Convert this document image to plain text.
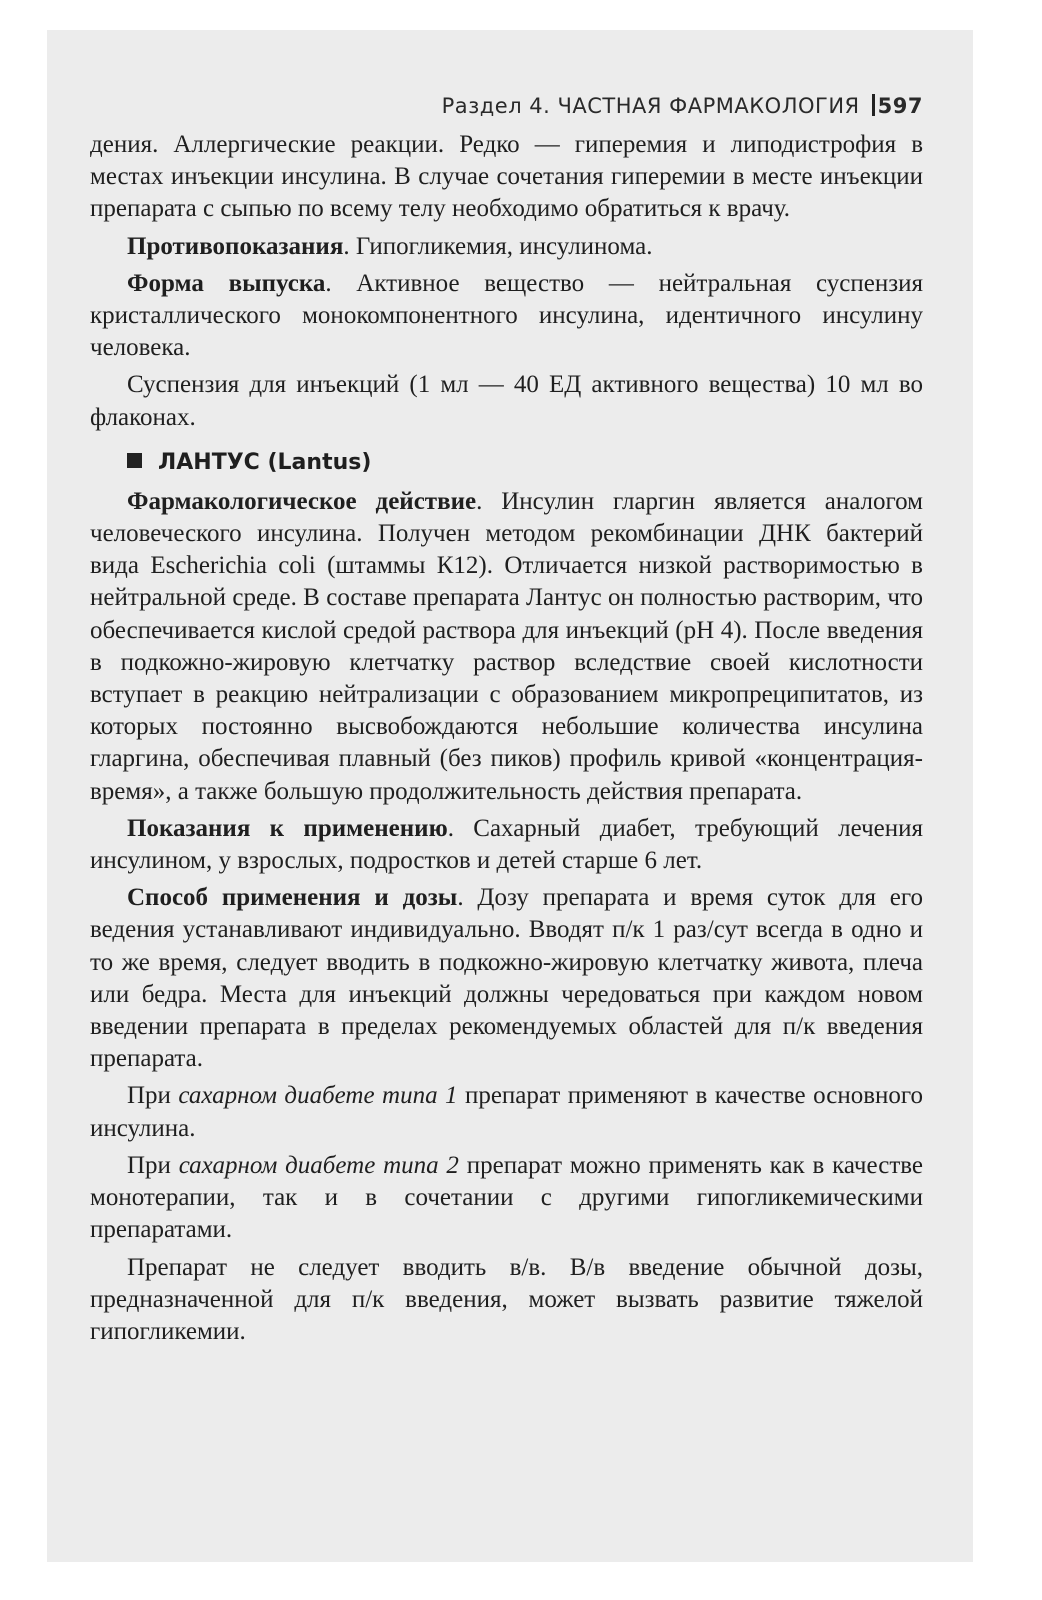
Раздел 4. ЧАСТНАЯ ФАРМАКОЛОГИЯ 597

дения. Аллергические реакции. Редко — гиперемия и липодистрофия в местах инъекции инсулина. В случае сочетания гиперемии в месте инъекции препарата с сыпью по всему телу необходимо обратиться к врачу.

Противопоказания. Гипогликемия, инсулинома.

Форма выпуска. Активное вещество — нейтральная суспензия кристаллического монокомпонентного инсулина, идентичного инсулину человека.

Суспензия для инъекций (1 мл — 40 ЕД активного вещества) 10 мл во флаконах.

ЛАНТУС (Lantus)

Фармакологическое действие. Инсулин гларгин является аналогом человеческого инсулина. Получен методом рекомбинации ДНК бактерий вида Escherichia coli (штаммы К12). Отличается низкой растворимостью в нейтральной среде. В составе препарата Лантус он полностью растворим, что обеспечивается кислой средой раствора для инъекций (pH 4). После введения в подкожно-жировую клетчатку раствор вследствие своей кислотности вступает в реакцию нейтрализации с образованием микропреципитатов, из которых постоянно высвобождаются небольшие количества инсулина гларгина, обеспечивая плавный (без пиков) профиль кривой «концентрация-время», а также большую продолжительность действия препарата.

Показания к применению. Сахарный диабет, требующий лечения инсулином, у взрослых, подростков и детей старше 6 лет.

Способ применения и дозы. Дозу препарата и время суток для его ведения устанавливают индивидуально. Вводят п/к 1 раз/сут всегда в одно и то же время, следует вводить в подкожно-жировую клетчатку живота, плеча или бедра. Места для инъекций должны чередоваться при каждом новом введении препарата в пределах рекомендуемых областей для п/к введения препарата.

При сахарном диабете типа 1 препарат применяют в качестве основного инсулина.

При сахарном диабете типа 2 препарат можно применять как в качестве монотерапии, так и в сочетании с другими гипогликемическими препаратами.

Препарат не следует вводить в/в. В/в введение обычной дозы, предназначенной для п/к введения, может вызвать развитие тяжелой гипогликемии.
